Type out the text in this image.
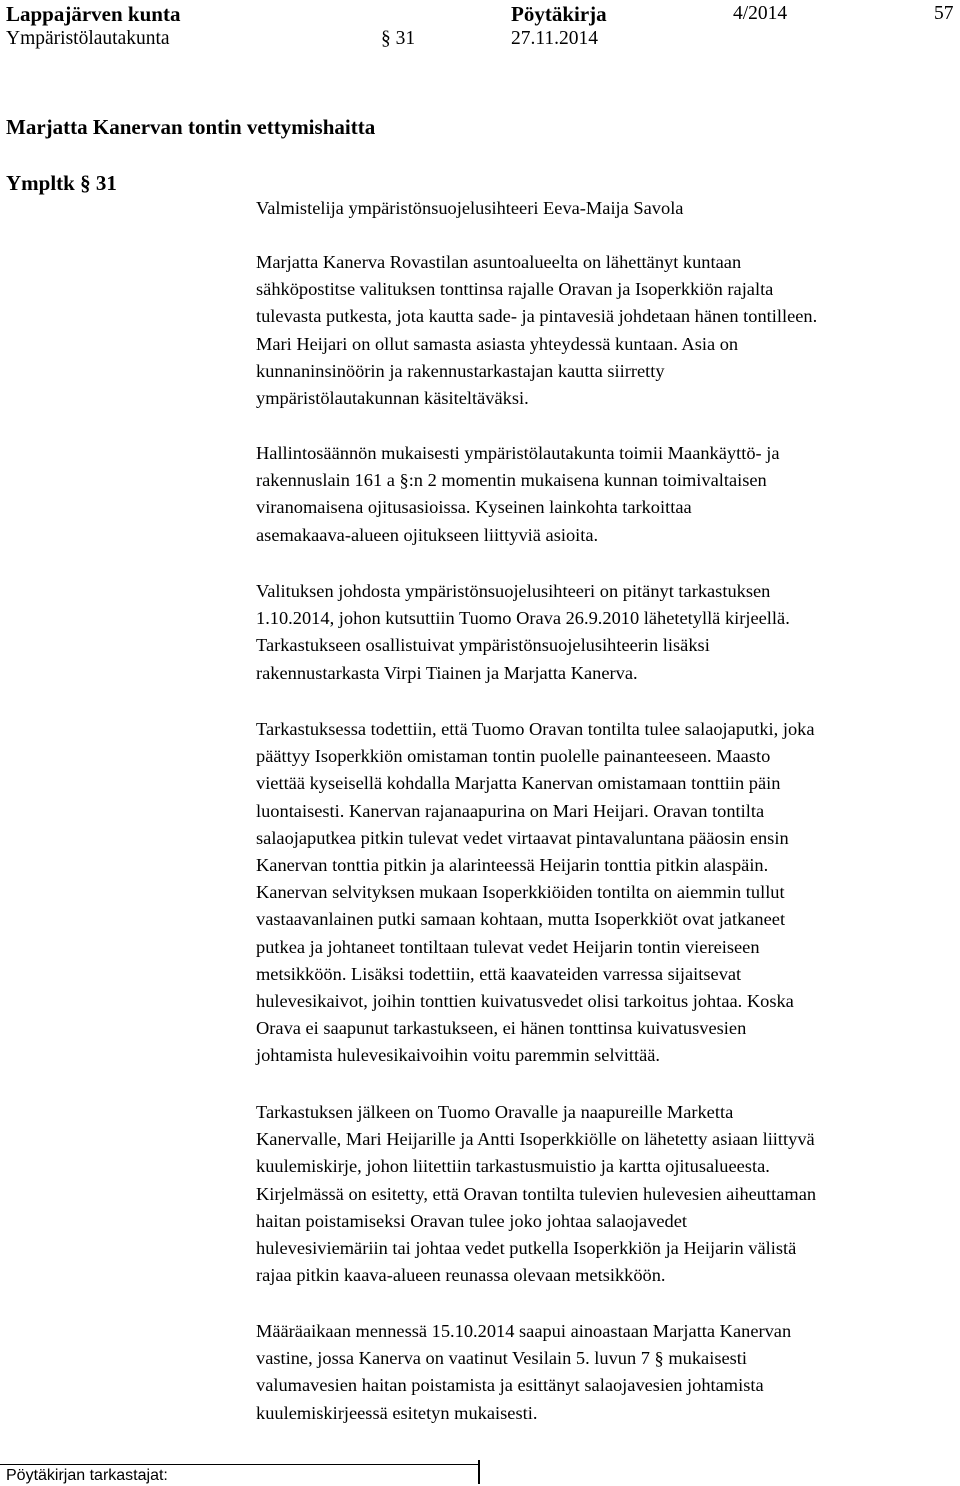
Lappajärven kunta	Pöytäkirja	4/2014	57
Ympäristölautakunta	§ 31	27.11.2014
Marjatta Kanervan tontin vettymishaitta
Ympltk § 31
Valmistelija ympäristönsuojelusihteeri Eeva-Maija Savola
Marjatta Kanerva Rovastilan asuntoalueelta on lähettänyt kuntaan
sähköpostitse valituksen tonttinsa rajalle Oravan ja Isoperkkiön rajalta
tulevasta putkesta, jota kautta sade- ja pintavesiä johdetaan hänen tontilleen.
Mari Heijari on ollut samasta asiasta yhteydessä kuntaan. Asia on
kunnaninsinöörin ja rakennustarkastajan kautta siirretty
ympäristölautakunnan käsiteltäväksi.
Hallintosäännön mukaisesti ympäristölautakunta toimii Maankäyttö- ja
rakennuslain 161 a §:n 2 momentin mukaisena kunnan toimivaltaisen
viranomaisena ojitusasioissa. Kyseinen lainkohta tarkoittaa
asemakaava-alueen ojitukseen liittyviä asioita.
Valituksen johdosta ympäristönsuojelusihteeri on pitänyt tarkastuksen
1.10.2014, johon kutsuttiin Tuomo Orava 26.9.2010 lähetetyllä kirjeellä.
Tarkastukseen osallistuivat ympäristönsuojelusihteerin lisäksi
rakennustarkasta Virpi Tiainen ja Marjatta Kanerva.
Tarkastuksessa todettiin, että Tuomo Oravan tontilta tulee salaojaputki, joka
päättyy Isoperkkiön omistaman tontin puolelle painanteeseen. Maasto
viettää kyseisellä kohdalla Marjatta Kanervan omistamaan tonttiin päin
luontaisesti. Kanervan rajanaapurina on Mari Heijari. Oravan tontilta
salaojaputkea pitkin tulevat vedet virtaavat pintavaluntana pääosin ensin
Kanervan tonttia pitkin ja alarinteessä Heijarin tonttia pitkin alaspäin.
Kanervan selvityksen mukaan Isoperkkiöiden tontilta on aiemmin tullut
vastaavanlainen putki samaan kohtaan, mutta Isoperkkiöt ovat jatkaneet
putkea ja johtaneet tontiltaan tulevat vedet Heijarin tontin viereiseen
metsikköön. Lisäksi todettiin, että kaavateiden varressa sijaitsevat
hulevesikaivot, joihin tonttien kuivatusvedet olisi tarkoitus johtaa. Koska
Orava ei saapunut tarkastukseen, ei hänen tonttinsa kuivatusvesien
johtamista hulevesikaivoihin voitu paremmin selvittää.
Tarkastuksen jälkeen on Tuomo Oravalle ja naapureille Marketta
Kanervalle, Mari Heijarille ja Antti Isoperkkiölle on lähetetty asiaan liittyvä
kuulemiskirje, johon liitettiin tarkastusmuistio ja kartta ojitusalueesta.
Kirjelmässä on esitetty, että Oravan tontilta tulevien hulevesien aiheuttaman
haitan poistamiseksi Oravan tulee joko johtaa salaojavedet
hulevesiviemäriin tai johtaa vedet putkella Isoperkkiön ja Heijarin välistä
rajaa pitkin kaava-alueen reunassa olevaan metsikköön.
Määräaikaan mennessä 15.10.2014 saapui ainoastaan Marjatta Kanervan
vastine, jossa Kanerva on vaatinut Vesilain 5. luvun 7 § mukaisesti
valumavesien haitan poistamista ja esittänyt salaojavesien johtamista
kuulemiskirjeessä esitetyn mukaisesti.
Pöytäkirjan tarkastajat:
